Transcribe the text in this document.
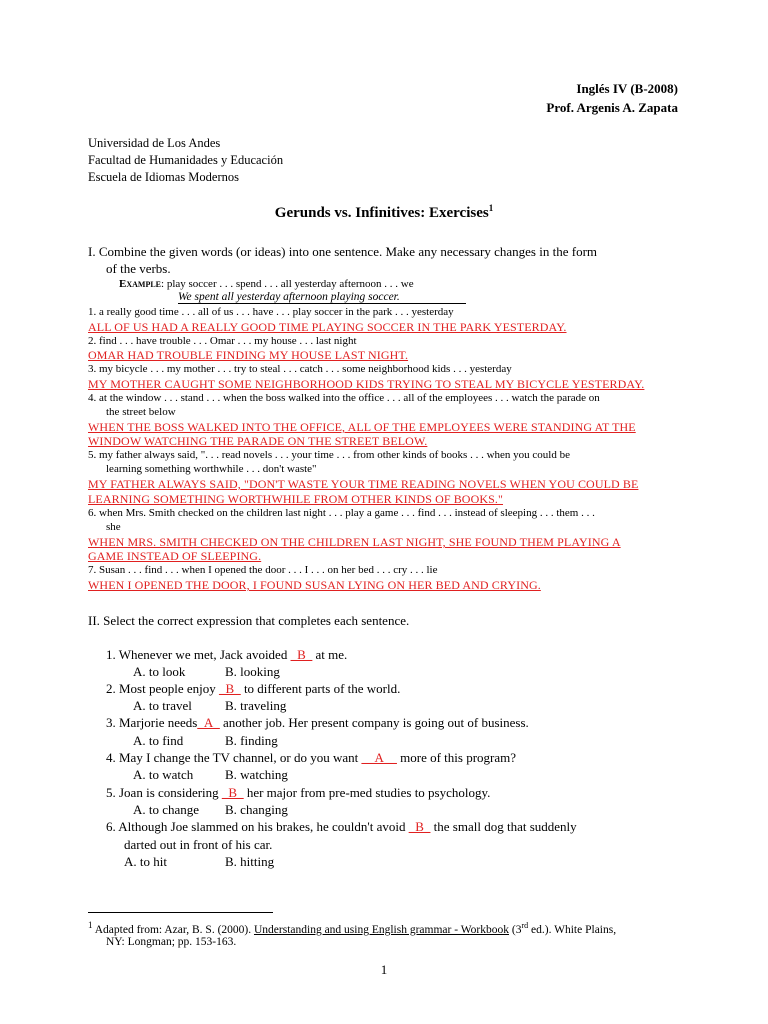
Inglés IV (B-2008)
Prof. Argenis A. Zapata
Universidad de Los Andes
Facultad de Humanidades y Educación
Escuela de Idiomas Modernos
Gerunds vs. Infinitives: Exercises$^1$
I. Combine the given words (or ideas) into one sentence. Make any necessary changes in the form
of the verbs.
Example: play soccer . . . spend . . . all yesterday afternoon . . . we
We spent all yesterday afternoon playing soccer.
1. a really good time . . . all of us . . . have . . . play soccer in the park . . . yesterday
ALL OF US HAD A REALLY GOOD TIME PLAYING SOCCER IN THE PARK YESTERDAY.
2. find . . . have trouble . . . Omar . . . my house . . . last night
OMAR HAD TROUBLE FINDING MY HOUSE LAST NIGHT.
3. my bicycle . . . my mother . . . try to steal . . . catch . . . some neighborhood kids . . . yesterday
MY MOTHER CAUGHT SOME NEIGHBORHOOD KIDS TRYING TO STEAL MY BICYCLE YESTERDAY.
4. at the window . . . stand . . . when the boss walked into the office . . . all of the employees . . . watch the parade on
the street below
WHEN THE BOSS WALKED INTO THE OFFICE, ALL OF THE EMPLOYEES WERE STANDING AT THE
WINDOW WATCHING THE PARADE ON THE STREET BELOW.
5. my father always said, ". . . read novels . . . your time . . . from other kinds of books . . . when you could be
learning something worthwhile . . . don't waste"
MY FATHER ALWAYS SAID, "DON'T WASTE YOUR TIME READING NOVELS WHEN YOU COULD BE
LEARNING SOMETHING WORTHWHILE FROM OTHER KINDS OF BOOKS."
6. when Mrs. Smith checked on the children last night . . . play a game . . . find . . . instead of sleeping . . . them . . .
she
WHEN MRS. SMITH CHECKED ON THE CHILDREN LAST NIGHT, SHE FOUND THEM PLAYING A
GAME INSTEAD OF SLEEPING.
7. Susan . . . find . . . when I opened the door . . . I . . . on her bed . . . cry . . . lie
WHEN I OPENED THE DOOR, I FOUND SUSAN LYING ON HER BED AND CRYING.
II. Select the correct expression that completes each sentence.
1. Whenever we met, Jack avoided _B_ at me.
A. to look	B. looking
2. Most people enjoy _B_ to different parts of the world.
A. to travel	B. traveling
3. Marjorie needs_A_ another job. Her present company is going out of business.
A. to find	B. finding
4. May I change the TV channel, or do you want __A__ more of this program?
A. to watch B. watching
5. Joan is considering _B_ her major from pre-med studies to psychology.
A. to change B. changing
6. Although Joe slammed on his brakes, he couldn't avoid _B_ the small dog that suddenly
darted out in front of his car.
A. to hit	B. hitting
$^1$ Adapted from: Azar, B. S. (2000). Understanding and using English grammar - Workbook (3rd ed.). White Plains,
NY: Longman; pp. 153-163.
1
